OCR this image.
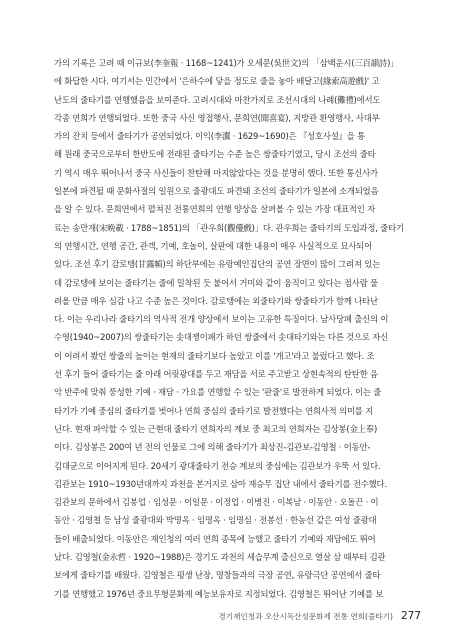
가의 기록은 고려 때 이규보(李奎報 · 1168~1241)가 오세문(吳世文)의 「삼백운시(三百韻詩)」
에 화답한 시다. 여기서는 민간에서 '은하수에 닿을 정도로 줄을 놓아 배달고(緣索高遊戲)' 고
난도의 줄타기를 연행했음을 보여준다. 고려시대와 마찬가지로 조선시대의 나례(儺禮)에서도
각종 연희가 연행되었다. 또한 중국 사신 영접행사, 문희연(聞喜宴), 지방관 환영행사, 사대부
가의 잔치 등에서 줄타기가 공연되었다. 이익(李瀷 · 1629~1690)은 『성호사설』을 통
해 원래 중국으로부터 한반도에 전래된 줄타기는 수준 높은 쌍줄타기였고, 당시 조선의 줄타
기 역시 매우 뛰어나서 중국 사신들이 찬탄해 마지않았다는 것을 분명히 했다. 또한 통신사가
일본에 파견될 때 문화사절의 일원으로 줄광대도 파견돼 조선의 줄타기가 일본에 소개되었음
을 알 수 있다. 문희연에서 펼쳐진 전통연희의 연행 양상을 살펴볼 수 있는 가장 대표적인 자
료는 송만재(宋晩載 · 1788~1851)의 「관우희(觀優戲)」다. 관우희는 줄타기의 도입과정, 줄타기
의 연행시간, 연행 공간, 관객, 기예, 호놀이, 살판에 대한 내용이 매우 사실적으로 묘사되어
있다. 조선 후기 감로탱(甘露幀)의 하단부에는 유랑예인집단의 공연 장면이 많이 그려져 있는
데 감로탱에 보이는 줄타기는 줄에 밀착된 듯 붙어서 거미와 같이 움직이고 있다는 점사람 물
려올 만큼 매우 심감 나고 수준 높은 것이다. 감로탱에는 외줄타기와 쌍줄타기가 함께 나타난
다. 이는 우리나라 줄타기의 역사적 전개 양상에서 보이는 고유한 특징이다. 남사당패 출신의 이
수영(1940~2007)의 쌍줄타기는 솟대쟁이패가 하던 쌍줄에서 솟대타기와는 다른 것으로 자신
이 어려서 봤던 쌍줄의 높이는 현재의 줄타기보다 높았고 이를 '개고'라고 불렀다고 했다. 조
선 후기 들어 줄타기는 줄 아래 어릿광대를 두고 재담을 서로 주고받고 상현속적의 탄탄한 음
악 반주에 맞춰 풍성한 기예 · 재담 · 가요를 연행할 수 있는 '판줄'로 발전하게 되었다. 이는 줄
타기가 기예 중심의 줄타기를 벗어나 연희 중심의 줄타기로 발전했다는 연희사적 의미를 지
닌다. 현재 파악할 수 있는 근현대 줄타기 연희자의 계보 중 최고의 연희자는 김상봉(金上奉)
이다. 김상봉은 200여 년 전의 인물로 그에 의해 줄타기가 최상진-김관보-김영철 · 이동안-
김대균으로 이어지게 된다. 20세기 광대줄타기 전승 계보의 중심에는 김관보가 우뚝 서 있다.
김관보는 1910~1930년대까지 과천을 본거지로 삼아 재승무 집단 내에서 줄타기를 전수했다.
김관보의 문하에서 김봉업 · 임성문 · 이일문 · 이정업 · 이병진 · 이복남 · 이동안 · 오돌끈 · 이
동안 · 김영철 등 남성 줄광대와 박명옥 · 임명옥 · 임명심 · 전봉선 · 한농선 같은 여성 줄광대
들이 배출되었다. 이동안은 재인청의 여러 연희 종목에 능했고 줄타기 기예와 재담에도 뛰어
났다. 김영철(金永哲 · 1920~1988)은 경기도 과천의 세습무계 출신으로 열살 삼 때부터 김관
보에게 줄타기를 배웠다. 김영철은 평생 난장, 명창들과의 극장 공연, 유랑극단 공연에서 줄타
기를 연행했고 1976년 중요무형문화재 예능보유자로 지정되었다. 김영철은 뛰어난 기예를 보
경기재인청과 오산시독산성문화제 전통 연희(줄타기) 277
